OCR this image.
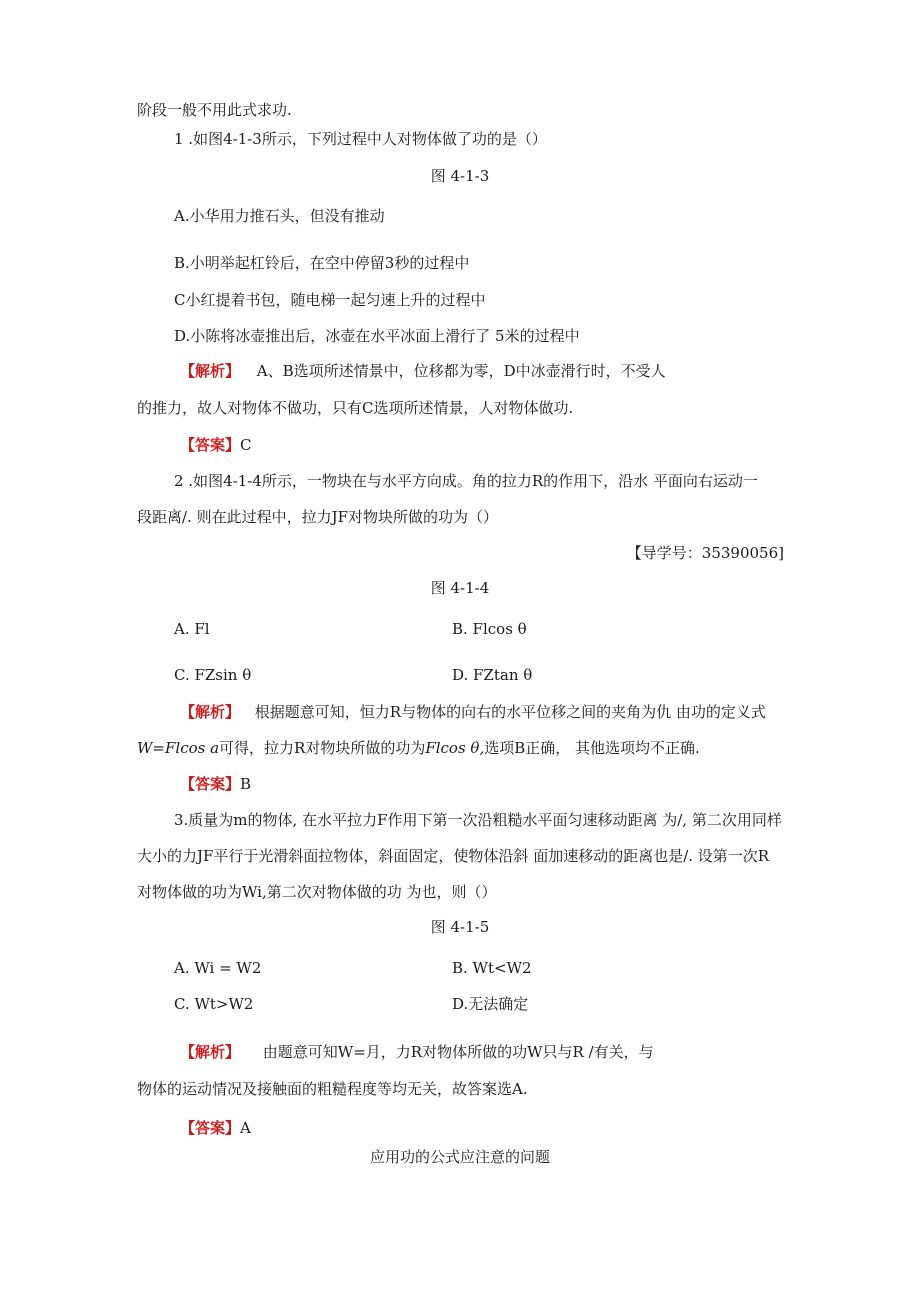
阶段一般不用此式求功.
1 .如图4-1-3所示，下列过程中人对物体做了功的是（）
图 4-1-3
A.小华用力推石头，但没有推动
B.小明举起杠铃后，在空中停留3秒的过程中
C小红提着书包，随电梯一起匀速上升的过程中
D.小陈将冰壶推出后，冰壶在水平冰面上滑行了 5米的过程中
【解析】 A、B选项所述情景中，位移都为零，D中冰壶滑行时，不受人
的推力，故人对物体不做功，只有C选项所述情景，人对物体做功.
【答案】C
2 .如图4-1-4所示，一物块在与水平方向成。角的拉力R的作用下，沿水 平面向右运动一
段距离/. 则在此过程中，拉力JF对物块所做的功为（）
【导学号：35390056]
图 4-1-4
A. Fl	B. Flcos θ
C. FZsin θ	D. FZtan θ
【解析】 根据题意可知，恒力R与物体的向右的水平位移之间的夹角为仇 由功的定义式
W=Flcos a可得，拉力R对物块所做的功为Flcos θ,选项B正确， 其他选项均不正确.
【答案】B
3.质量为m的物体, 在水平拉力F作用下第一次沿粗糙水平面匀速移动距离 为/, 第二次用同样
大小的力JF平行于光滑斜面拉物体，斜面固定，使物体沿斜 面加速移动的距离也是/. 设第一次R
对物体做的功为Wi,第二次对物体做的功 为也，则（）
图 4-1-5
A. Wi = W2	B. Wt<W2
C. Wt>W2	D.无法确定
【解析】 由题意可知W=月，力R对物体所做的功W只与R /有关，与
物体的运动情况及接触面的粗糙程度等均无关，故答案选A.
【答案】A
应用功的公式应注意的问题
